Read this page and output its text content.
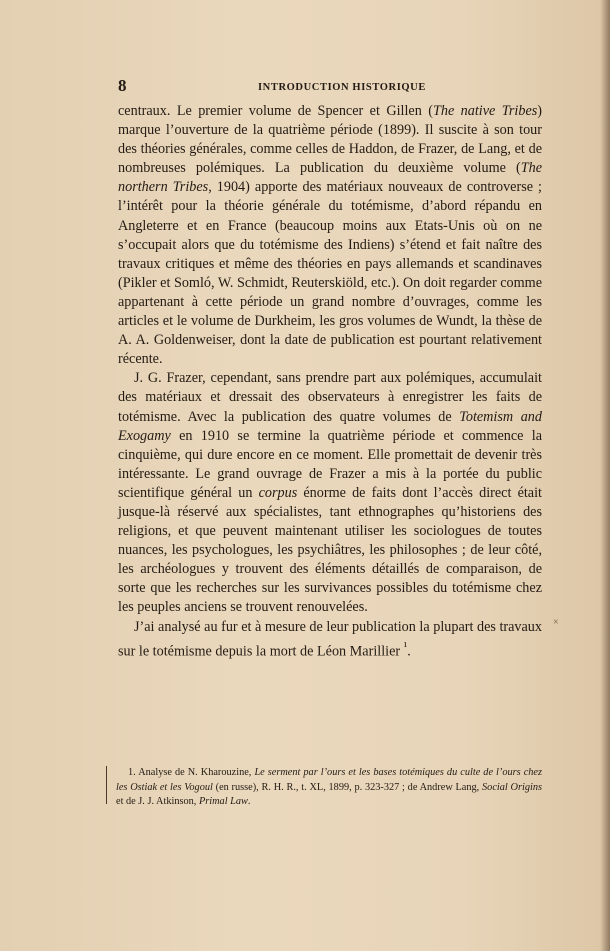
8	INTRODUCTION HISTORIQUE

centraux. Le premier volume de Spencer et Gillen (The native Tribes) marque l’ouverture de la quatrième période (1899). Il suscite à son tour des théories générales, comme celles de Haddon, de Frazer, de Lang, et de nombreuses polémiques. La publication du deuxième volume (The northern Tribes, 1904) apporte des matériaux nouveaux de controverse ; l’intérêt pour la théorie générale du totémisme, d’abord répandu en Angleterre et en France (beaucoup moins aux Etats-Unis où on ne s’occupait alors que du totémisme des Indiens) s’étend et fait naître des travaux critiques et même des théories en pays allemands et scandinaves (Pikler et Somló, W. Schmidt, Reuterskiöld, etc.). On doit regarder comme appartenant à cette période un grand nombre d’ouvrages, comme les articles et le volume de Durkheim, les gros volumes de Wundt, la thèse de A. A. Goldenweiser, dont la date de publication est pourtant relativement récente.

J. G. Frazer, cependant, sans prendre part aux polémiques, accumulait des matériaux et dressait des observateurs à enregistrer les faits de totémisme. Avec la publication des quatre volumes de Totemism and Exogamy en 1910 se termine la quatrième période et commence la cinquième, qui dure encore en ce moment. Elle promettait de devenir très intéressante. Le grand ouvrage de Frazer a mis à la portée du public scientifique général un corpus énorme de faits dont l’accès direct était jusque-là réservé aux spécialistes, tant ethnographes qu’historiens des religions, et que peuvent maintenant utiliser les sociologues de toutes nuances, les psychologues, les psychiâtres, les philosophes ; de leur côté, les archéologues y trouvent des éléments détaillés de comparaison, de sorte que les recherches sur les survivances possibles du totémisme chez les peuples anciens se trouvent renouvelées.

J’ai analysé au fur et à mesure de leur publication la plupart des travaux sur le totémisme depuis la mort de Léon Marillier $^{^1}$.

×

1. Analyse de N. Kharouzine, Le serment par l’ours et les bases totémiques du culte de l’ours chez les Ostiak et les Vogoul (en russe), R. H. R., t. XL, 1899, p. 323-327 ; de Andrew Lang, Social Origins et de J. J. Atkinson, Primal Law.
